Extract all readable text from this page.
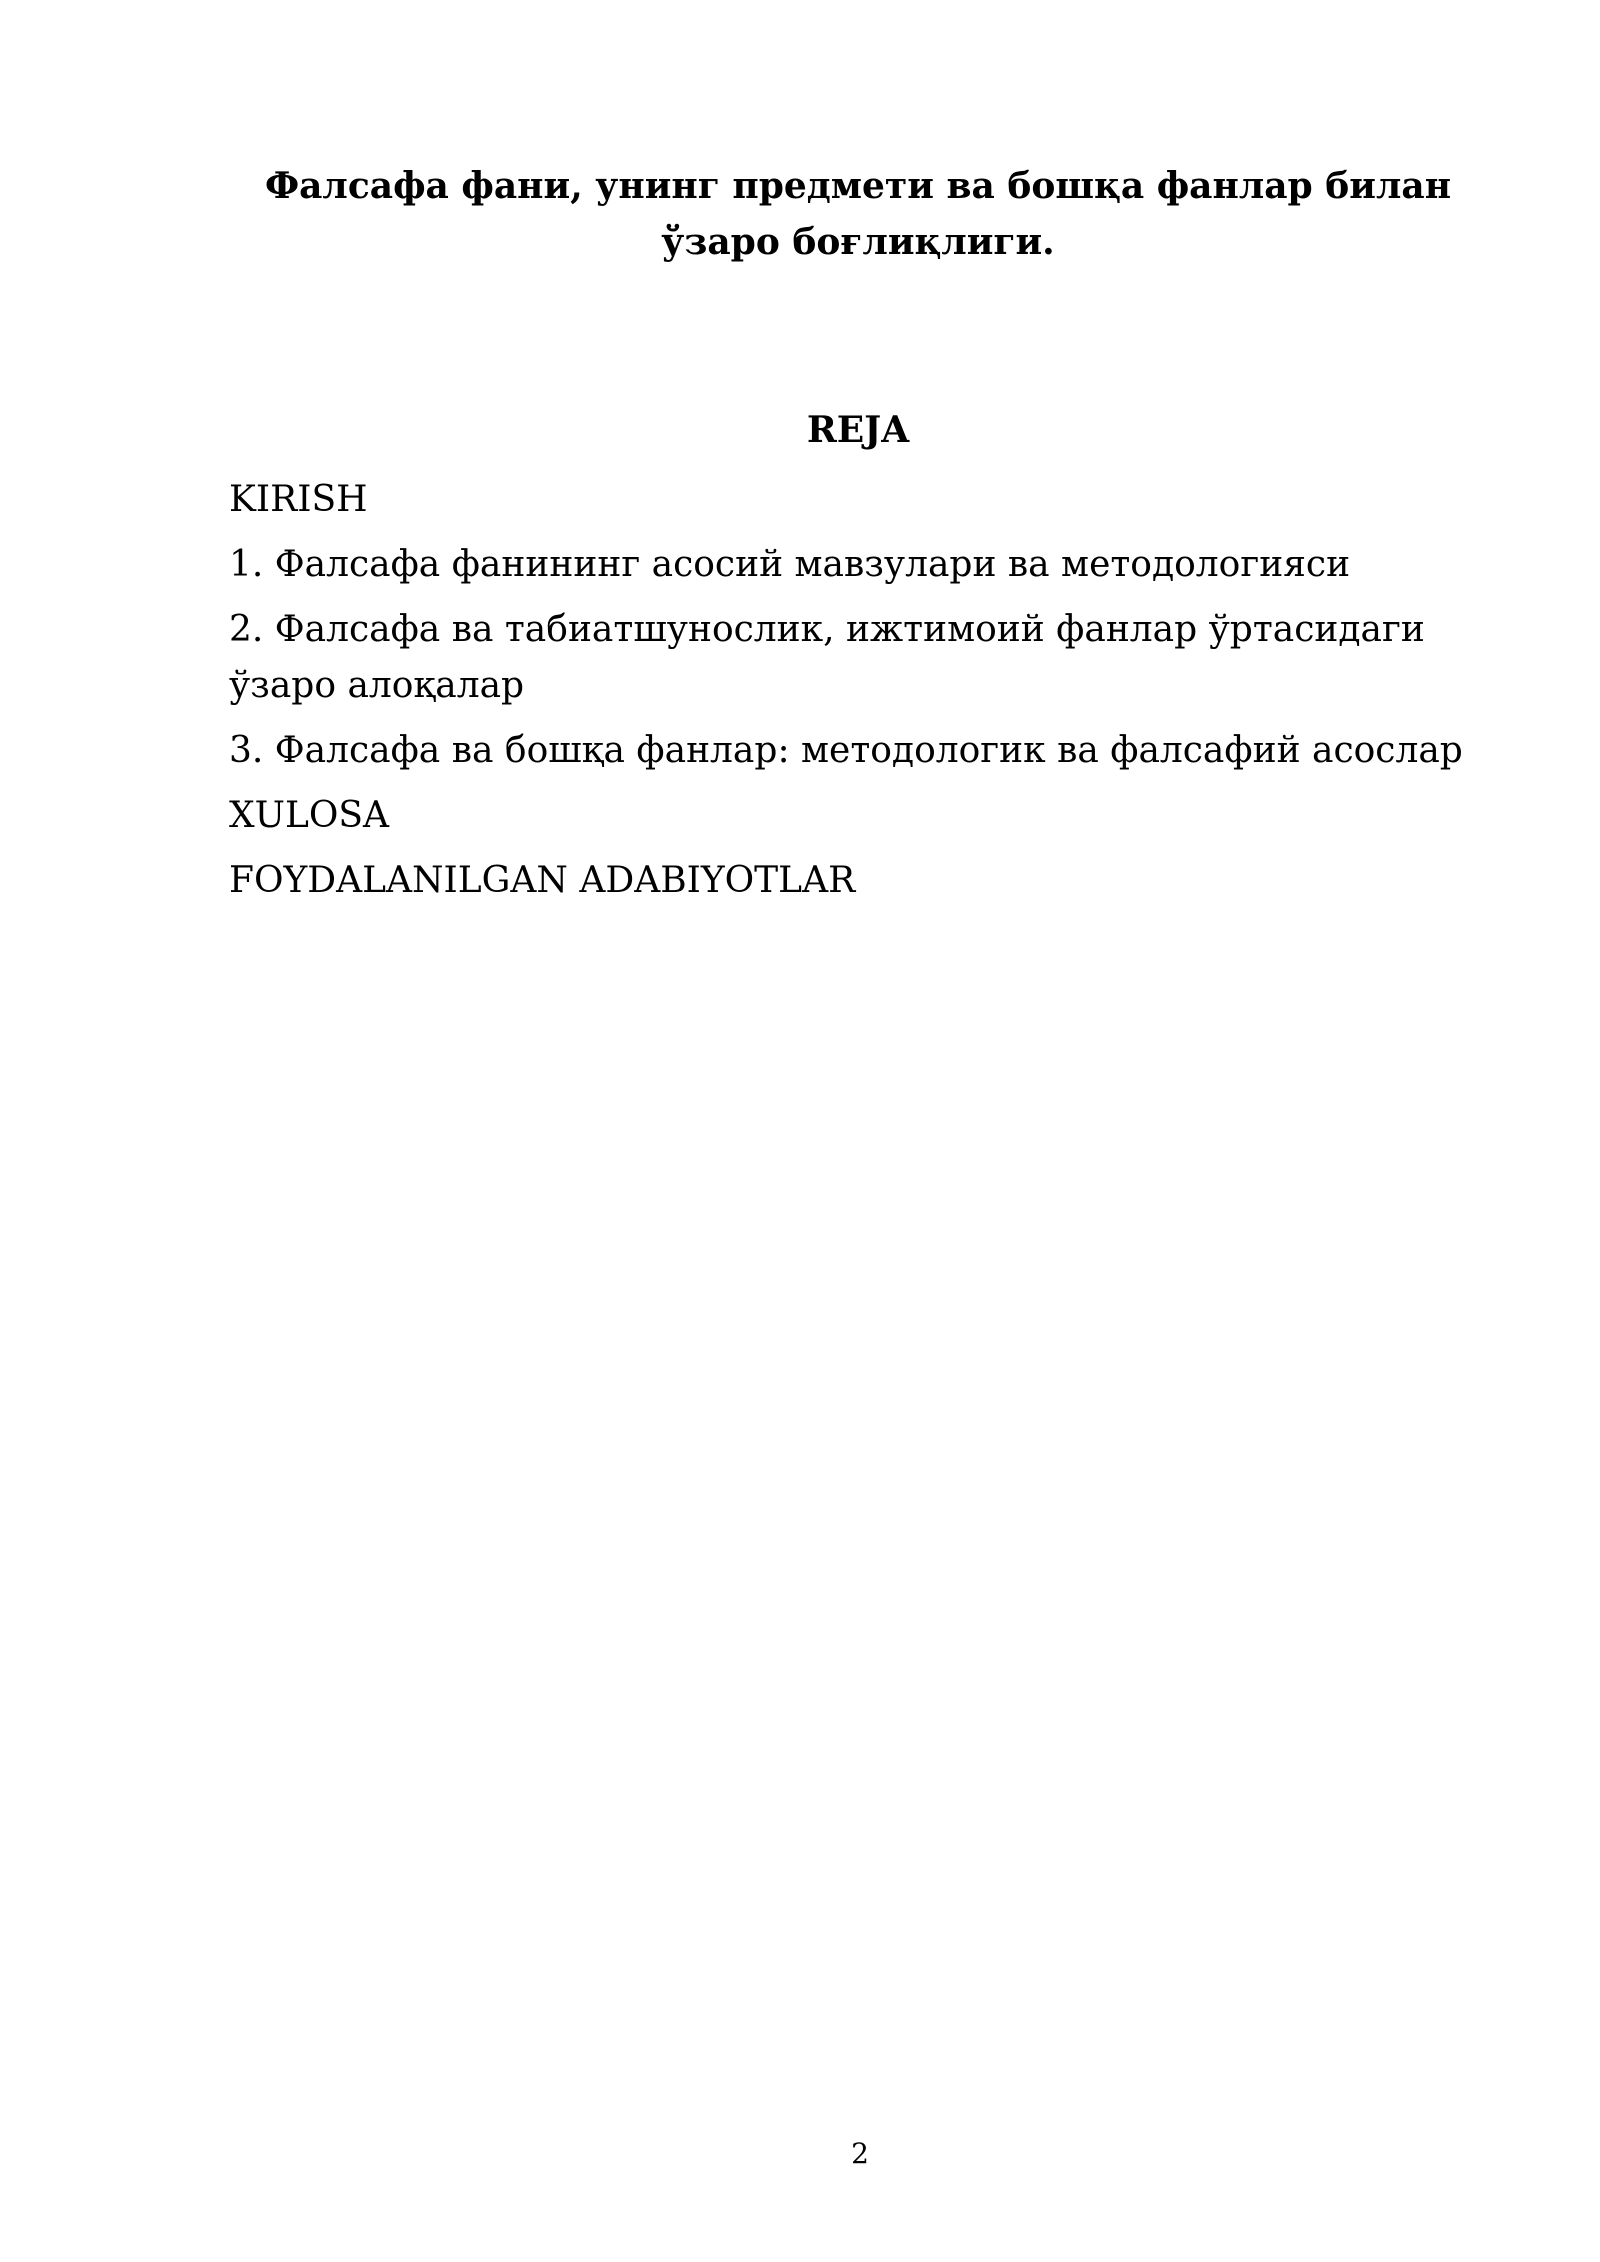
Фалсафа фани, унинг предмети ва бошқа фанлар билан ўзаро боғлиқлиги.
REJA
KIRISH
1. Фалсафа фанининг асосий мавзулари ва методологияси
2. Фалсафа ва табиатшунослик, ижтимоий фанлар ўртасидаги ўзаро алоқалар
3. Фалсафа ва бошқа фанлар: методологик ва фалсафий асослар
XULOSA
FOYDALANILGAN ADABIYOTLAR
2
